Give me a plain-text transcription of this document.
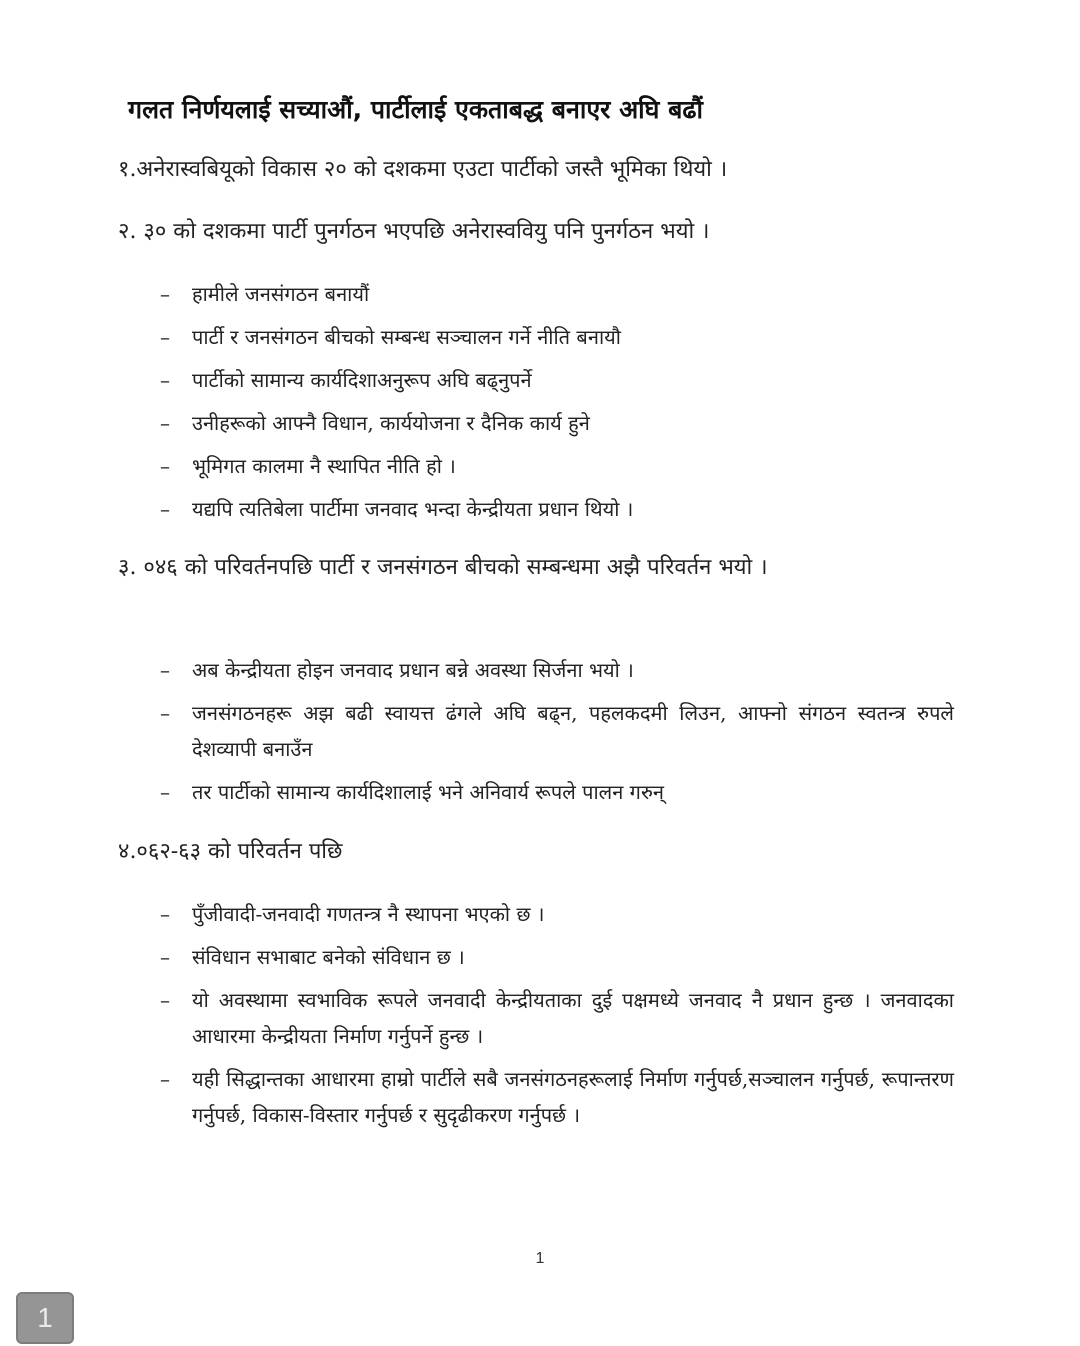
गलत निर्णयलाई सच्याऔं, पार्टीलाई एकताबद्ध बनाएर अघि बढौं
१.अनेरास्वबियूको विकास २० को दशकमा एउटा पार्टीको जस्तै भूमिका थियो ।
२. ३० को दशकमा पार्टी पुनर्गठन भएपछि अनेरास्ववियु पनि पुनर्गठन भयो ।
–	हामीले जनसंगठन बनायौं
–	पार्टी र जनसंगठन बीचको सम्बन्ध सञ्चालन गर्ने नीति बनायौ
–	पार्टीको सामान्य कार्यदिशाअनुरूप अघि बढ्नुपर्ने
–	उनीहरूको आफ्नै विधान, कार्ययोजना र दैनिक कार्य हुने
–	भूमिगत कालमा नै स्थापित नीति हो ।
–	यद्यपि त्यतिबेला पार्टीमा जनवाद भन्दा केन्द्रीयता प्रधान थियो ।
३. ०४६ को परिवर्तनपछि पार्टी र जनसंगठन बीचको सम्बन्धमा अझै परिवर्तन भयो ।
–	अब केन्द्रीयता होइन जनवाद प्रधान बन्ने अवस्था सिर्जना भयो ।
–	जनसंगठनहरू अझ बढी स्वायत्त ढंगले अघि बढ्न, पहलकदमी लिउन, आफ्नो संगठन स्वतन्त्र रुपले देशव्यापी बनाउँन
–	तर पार्टीको सामान्य कार्यदिशालाई भने अनिवार्य रूपले पालन गरुन्
४.०६२-६३ को परिवर्तन पछि
–	पुँजीवादी-जनवादी गणतन्त्र नै स्थापना भएको छ ।
–	संविधान सभाबाट बनेको संविधान छ ।
–	यो अवस्थामा स्वभाविक रूपले जनवादी केन्द्रीयताका दुई पक्षमध्ये जनवाद नै प्रधान हुन्छ । जनवादका आधारमा केन्द्रीयता निर्माण गर्नुपर्ने हुन्छ ।
–	यही सिद्धान्तका आधारमा हाम्रो पार्टीले सबै जनसंगठनहरूलाई निर्माण गर्नुपर्छ,सञ्चालन गर्नुपर्छ, रूपान्तरण गर्नुपर्छ, विकास-विस्तार गर्नुपर्छ र सुदृढीकरण गर्नुपर्छ ।
1
1
